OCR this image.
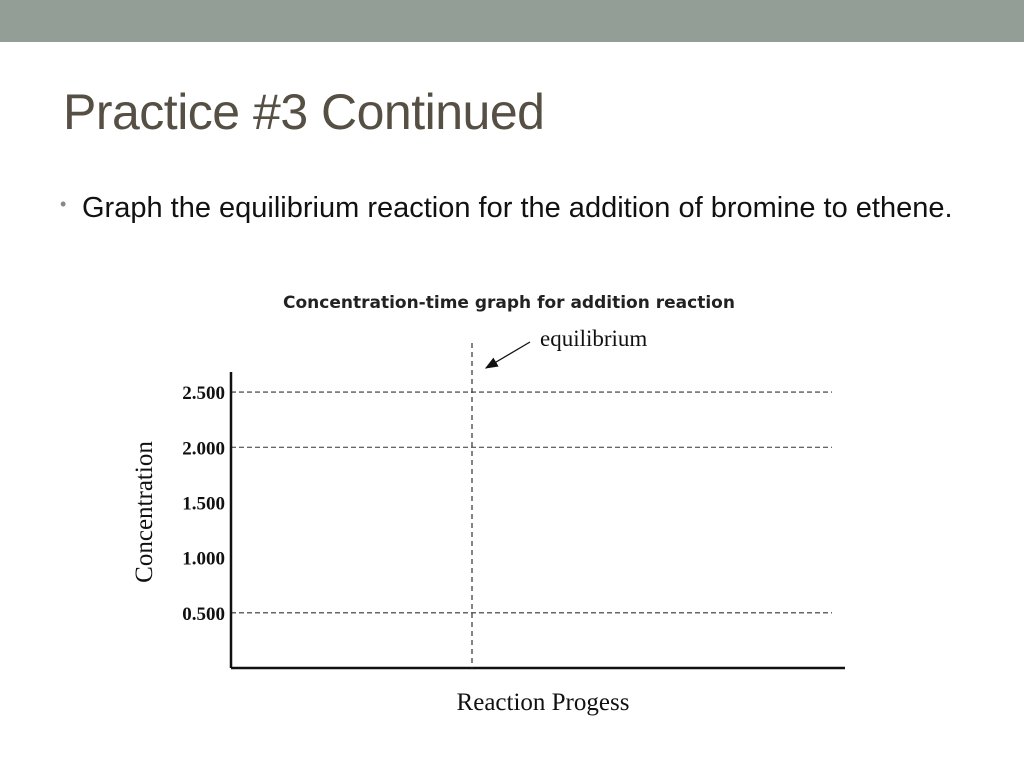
Practice #3 Continued
• Graph the equilibrium reaction for the addition of bromine to ethene.
Concentration-time graph for addition reaction
2.500
2.000
1.500
1.000
0.500
equilibrium
Reaction Progess
Concentration
